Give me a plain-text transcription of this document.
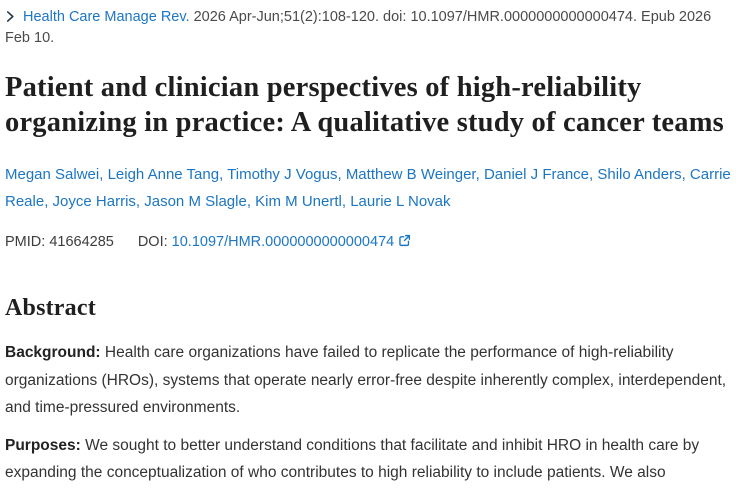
Health Care Manage Rev. 2026 Apr-Jun;51(2):108-120. doi: 10.1097/HMR.0000000000000474. Epub 2026 Feb 10.
Patient and clinician perspectives of high-reliability organizing in practice: A qualitative study of cancer teams

Megan Salwei, Leigh Anne Tang, Timothy J Vogus, Matthew B Weinger, Daniel J France, Shilo Anders, Carrie Reale, Joyce Harris, Jason M Slagle, Kim M Unertl, Laurie L Novak

PMID: 41664285 DOI: 10.1097/HMR.0000000000000474
Abstract

Background: Health care organizations have failed to replicate the performance of high-reliability organizations (HROs), systems that operate nearly error-free despite inherently complex, interdependent, and time-pressured environments.

Purposes: We sought to better understand conditions that facilitate and inhibit HRO in health care by expanding the conceptualization of who contributes to high reliability to include patients. We also
